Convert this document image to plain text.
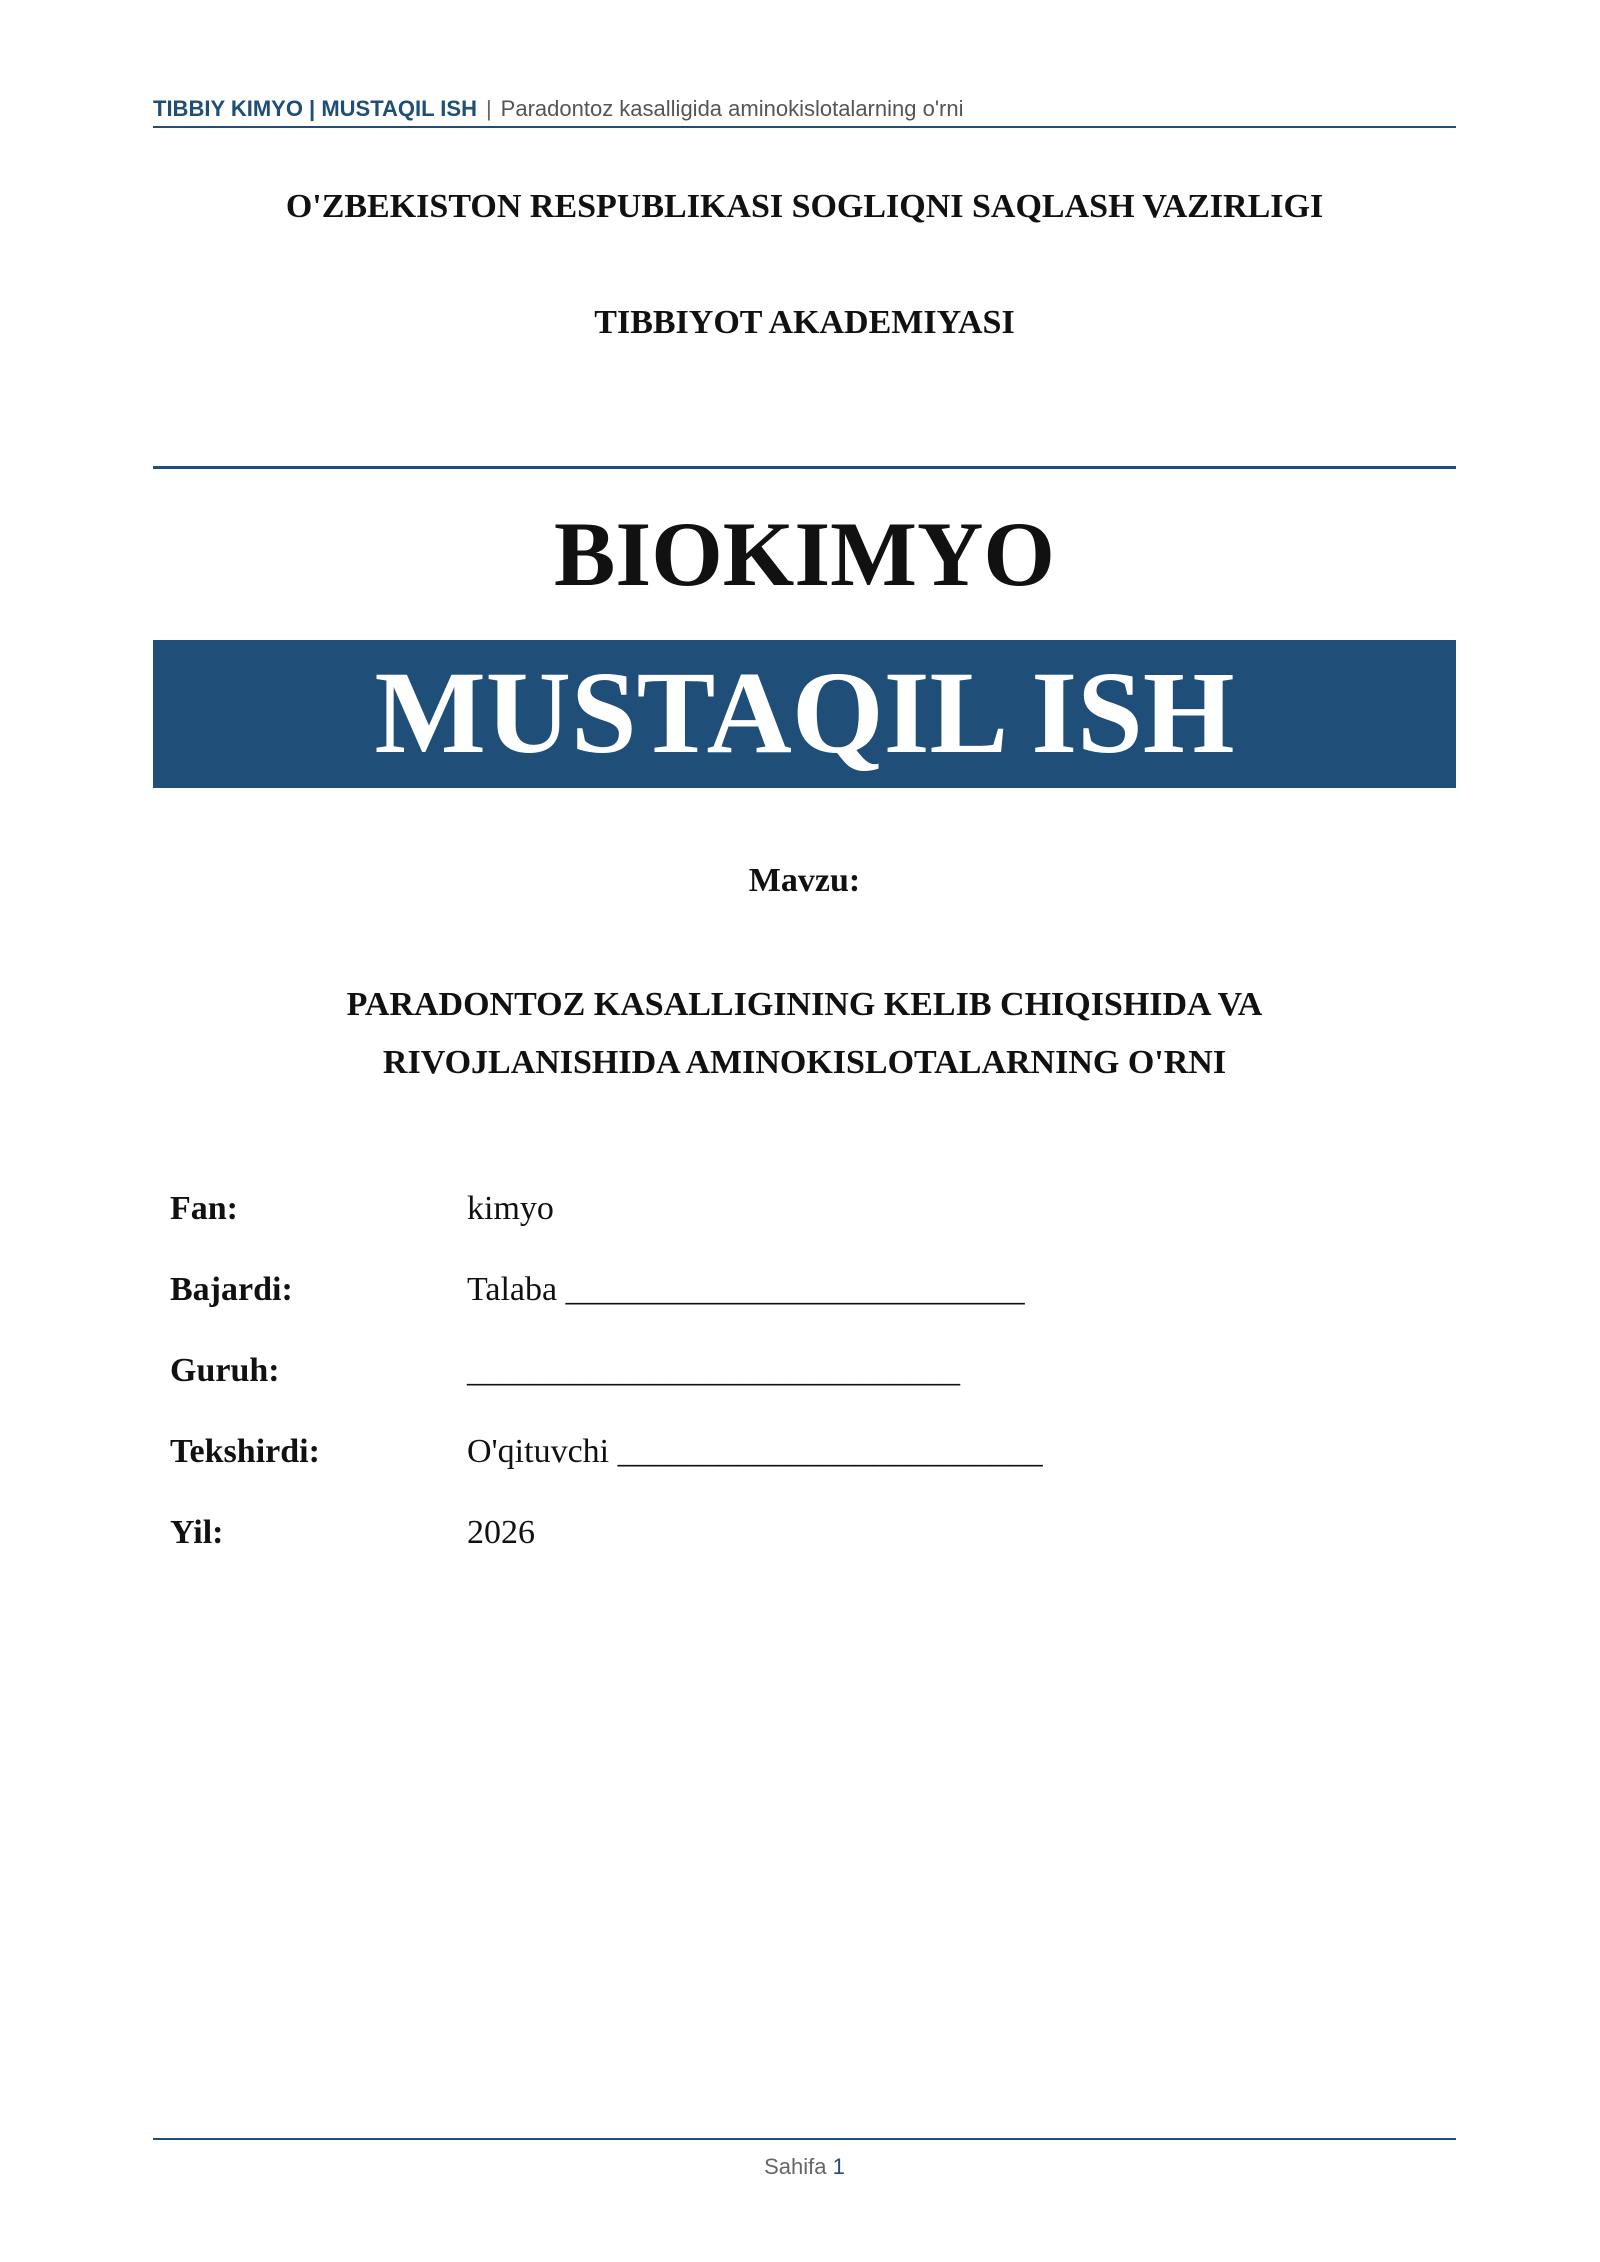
TIBBIY KIMYO | MUSTAQIL ISH | Paradontoz kasalligida aminokislotalarning o'rni
O'ZBEKISTON RESPUBLIKASI SOGLIQNI SAQLASH VAZIRLIGI
TIBBIYOT AKADEMIYASI
BIOKIMYO
MUSTAQIL ISH
Mavzu:
PARADONTOZ KASALLIGINING KELIB CHIQISHIDA VA
RIVOJLANISHIDA AMINOKISLOTALARNING O'RNI
Fan:	kimyo
Bajardi:	Talaba ___________________________
Guruh:	_____________________________
Tekshirdi:	O'qituvchi _________________________
Yil:	2026
Sahifa 1
